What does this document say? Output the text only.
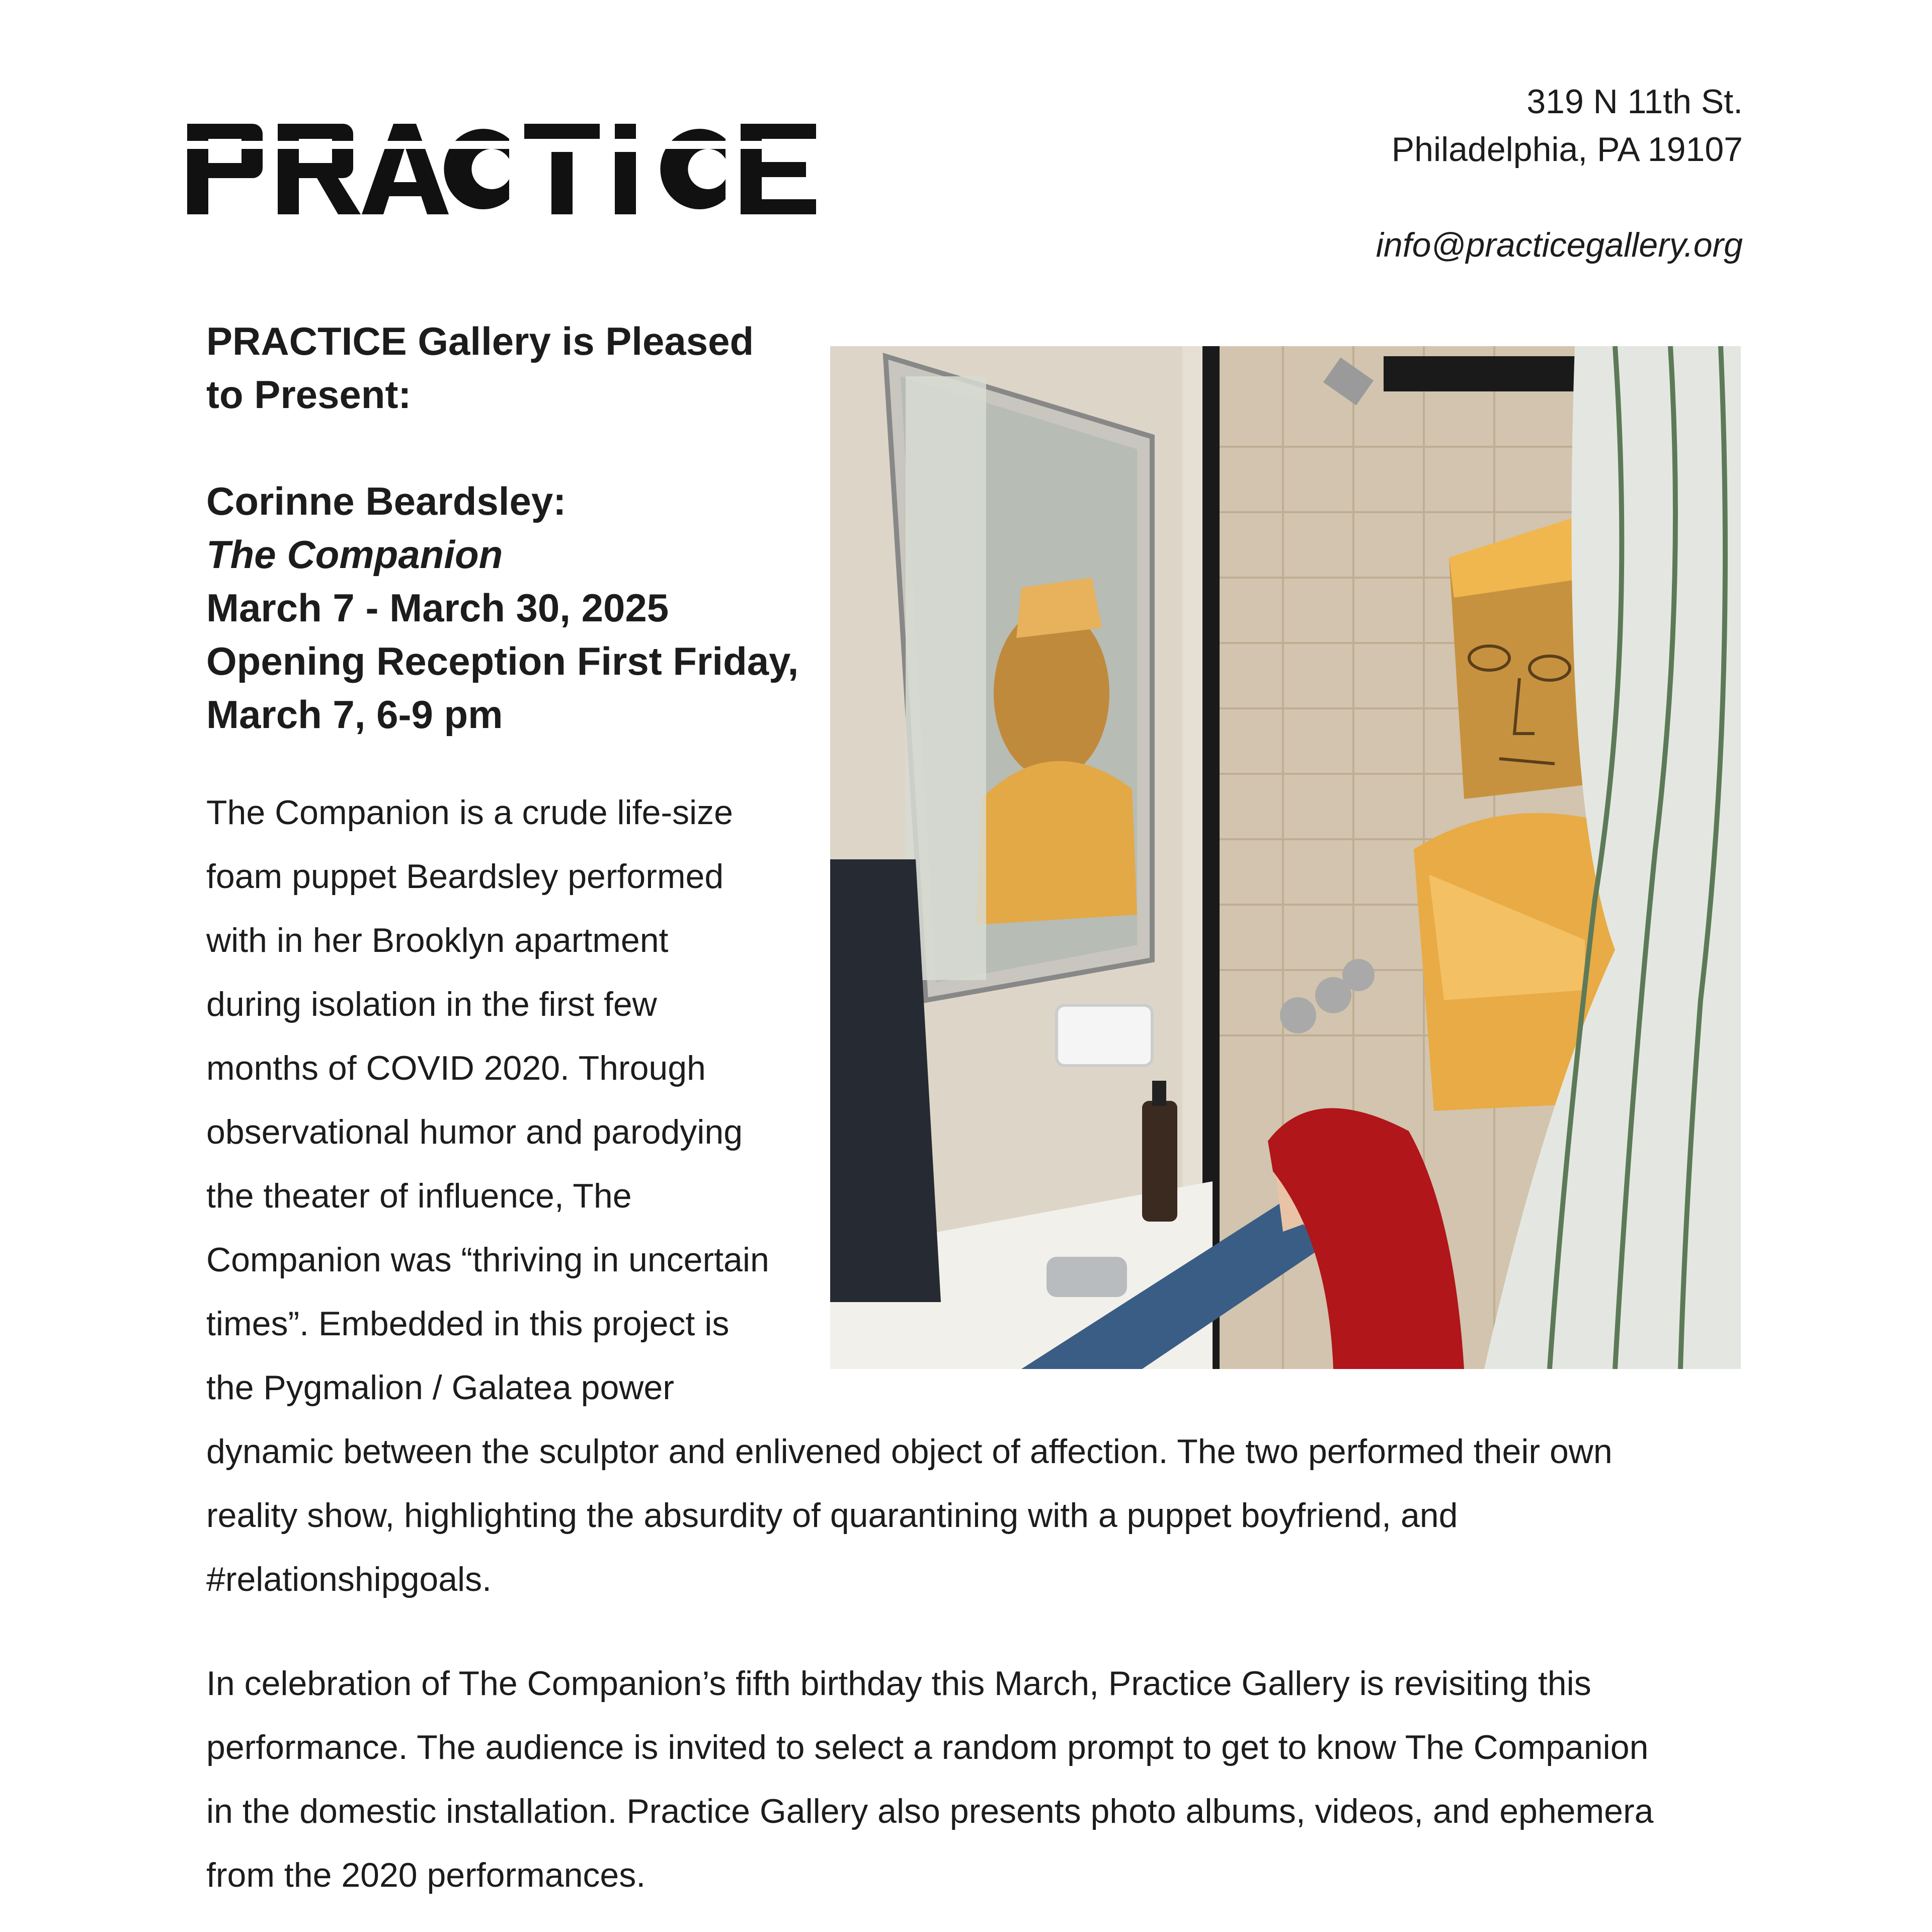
319 N 11th St.
Philadelphia, PA 19107
info@practicegallery.org
PRACTICE Gallery is Pleased
to Present:
Corinne Beardsley:
The Companion
March 7 - March 30, 2025
Opening Reception First Friday,
March 7, 6-9 pm

The Companion is a crude life-size

foam puppet Beardsley performed

with in her Brooklyn apartment

during isolation in the first few

months of COVID 2020. Through

observational humor and parodying

the theater of influence, The

Companion was “thriving in uncertain

times”. Embedded in this project is

the Pygmalion / Galatea power

dynamic between the sculptor and enlivened object of affection. The two performed their own

reality show, highlighting the absurdity of quarantining with a puppet boyfriend, and

#relationshipgoals.

In celebration of The Companion’s fifth birthday this March, Practice Gallery is revisiting this

performance. The audience is invited to select a random prompt to get to know The Companion

in the domestic installation. Practice Gallery also presents photo albums, videos, and ephemera

from the 2020 performances.
